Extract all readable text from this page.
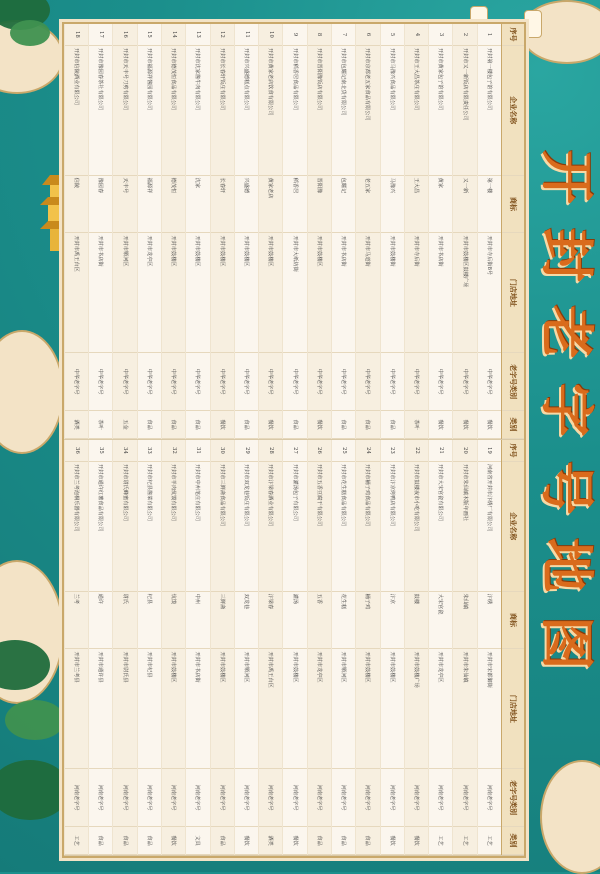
开
封
老
字
号
地
图
序号
企业名称
商标
门店地址
老字号类别
类别
1
开封第一楼包子馆有限公司
第一楼
开封市寺后街8号
中华老字号
餐饮
2
开封市又一新饭店有限责任公司
又一新
开封市鼓楼区鼓楼广场
中华老字号
餐饮
3
开封市黄家包子馆有限公司
黄家
开封市书店街
中华老字号
餐饮
4
开封市王大昌茶庄有限公司
王大昌
开封市寺后街
中华老字号
茶叶
5
开封市马豫兴食品有限公司
马豫兴
开封市鼓楼街
中华老字号
食品
6
开封市京都老五家食品有限公司
老五家
开封市马道街
中华老字号
食品
7
开封市包耀记南北货有限公司
包耀记
开封市书店街
中华老字号
食品
8
开封市晋阳豫饭店有限公司
晋阳豫
开封市鼓楼区
中华老字号
餐饮
9
开封市稻香居食品有限公司
稻香居
开封市大纸坊街
中华老字号
食品
10
开封市黄家老店饮食有限公司
黄家老店
开封市鼓楼区
中华老字号
餐饮
11
开封市兴盛德糕点有限公司
兴盛德
开封市鼓楼区
中华老字号
食品
12
开封市长春轩饭庄有限公司
长春轩
开封市鼓楼区
中华老字号
餐饮
13
开封市沈家酱牛肉有限公司
沈家
开封市鼓楼区
中华老字号
食品
14
开封市德茂恒食品有限公司
德茂恒
开封市鼓楼区
中华老字号
食品
15
开封市福源祥酱园有限公司
福源祥
开封市龙亭区
中华老字号
食品
16
开封市天丰号刀剪有限公司
天丰号
开封市顺河区
中华老字号
五金
17
开封市豫园春茶社有限公司
豫园春
开封市书店街
中华老字号
茶叶
18
开封市信陵酒业有限公司
信陵
开封市禹王台区
中华老字号
酒类
序号
企业名称
商标
门店地址
老字号类别
类别
19
河南省开封市汴绣厂有限公司
汴绣
开封市宋都御街
河南老字号
工艺
20
开封市朱仙镇木版年画社
朱仙镇
开封市朱仙镇
河南老字号
工艺
21
开封市大宋官瓷有限公司
大宋官瓷
开封市龙亭区
河南老字号
工艺
22
开封市鼓楼夜市小吃有限公司
鼓楼
开封市鼓楼广场
河南老字号
餐饮
23
开封市汴京烤鸭店有限公司
汴京
开封市鼓楼区
河南老字号
餐饮
24
开封市桶子鸡食品有限公司
桶子鸡
开封市鼓楼区
河南老字号
食品
25
开封市花生糕食品有限公司
花生糕
开封市顺河区
河南老字号
食品
26
开封市五香豆腐干有限公司
五香
开封市龙亭区
河南老字号
食品
27
开封市灌汤包子有限公司
灌汤
开封市鼓楼区
河南老字号
餐饮
28
开封市汴梁春酒业有限公司
汴梁春
开封市禹王台区
河南老字号
酒类
29
开封市双龙巷饭庄有限公司
双龙巷
开封市顺河区
河南老字号
餐饮
30
开封市三鲜斋食品有限公司
三鲜斋
开封市鼓楼区
河南老字号
食品
31
开封市中州笔庄有限公司
中州
开封市书店街
河南老字号
文具
32
开封市羊肉炕馍有限公司
炕馍
开封市鼓楼区
河南老字号
餐饮
33
开封市杞县酱菜有限公司
杞县
开封市杞县
河南老字号
食品
34
开封市尉氏蜂蜜有限公司
尉氏
开封市尉氏县
河南老字号
食品
35
开封市通许红薯食品有限公司
通许
开封市通许县
河南老字号
食品
36
开封市兰考泡桐乐器有限公司
兰考
开封市兰考县
河南老字号
工艺
